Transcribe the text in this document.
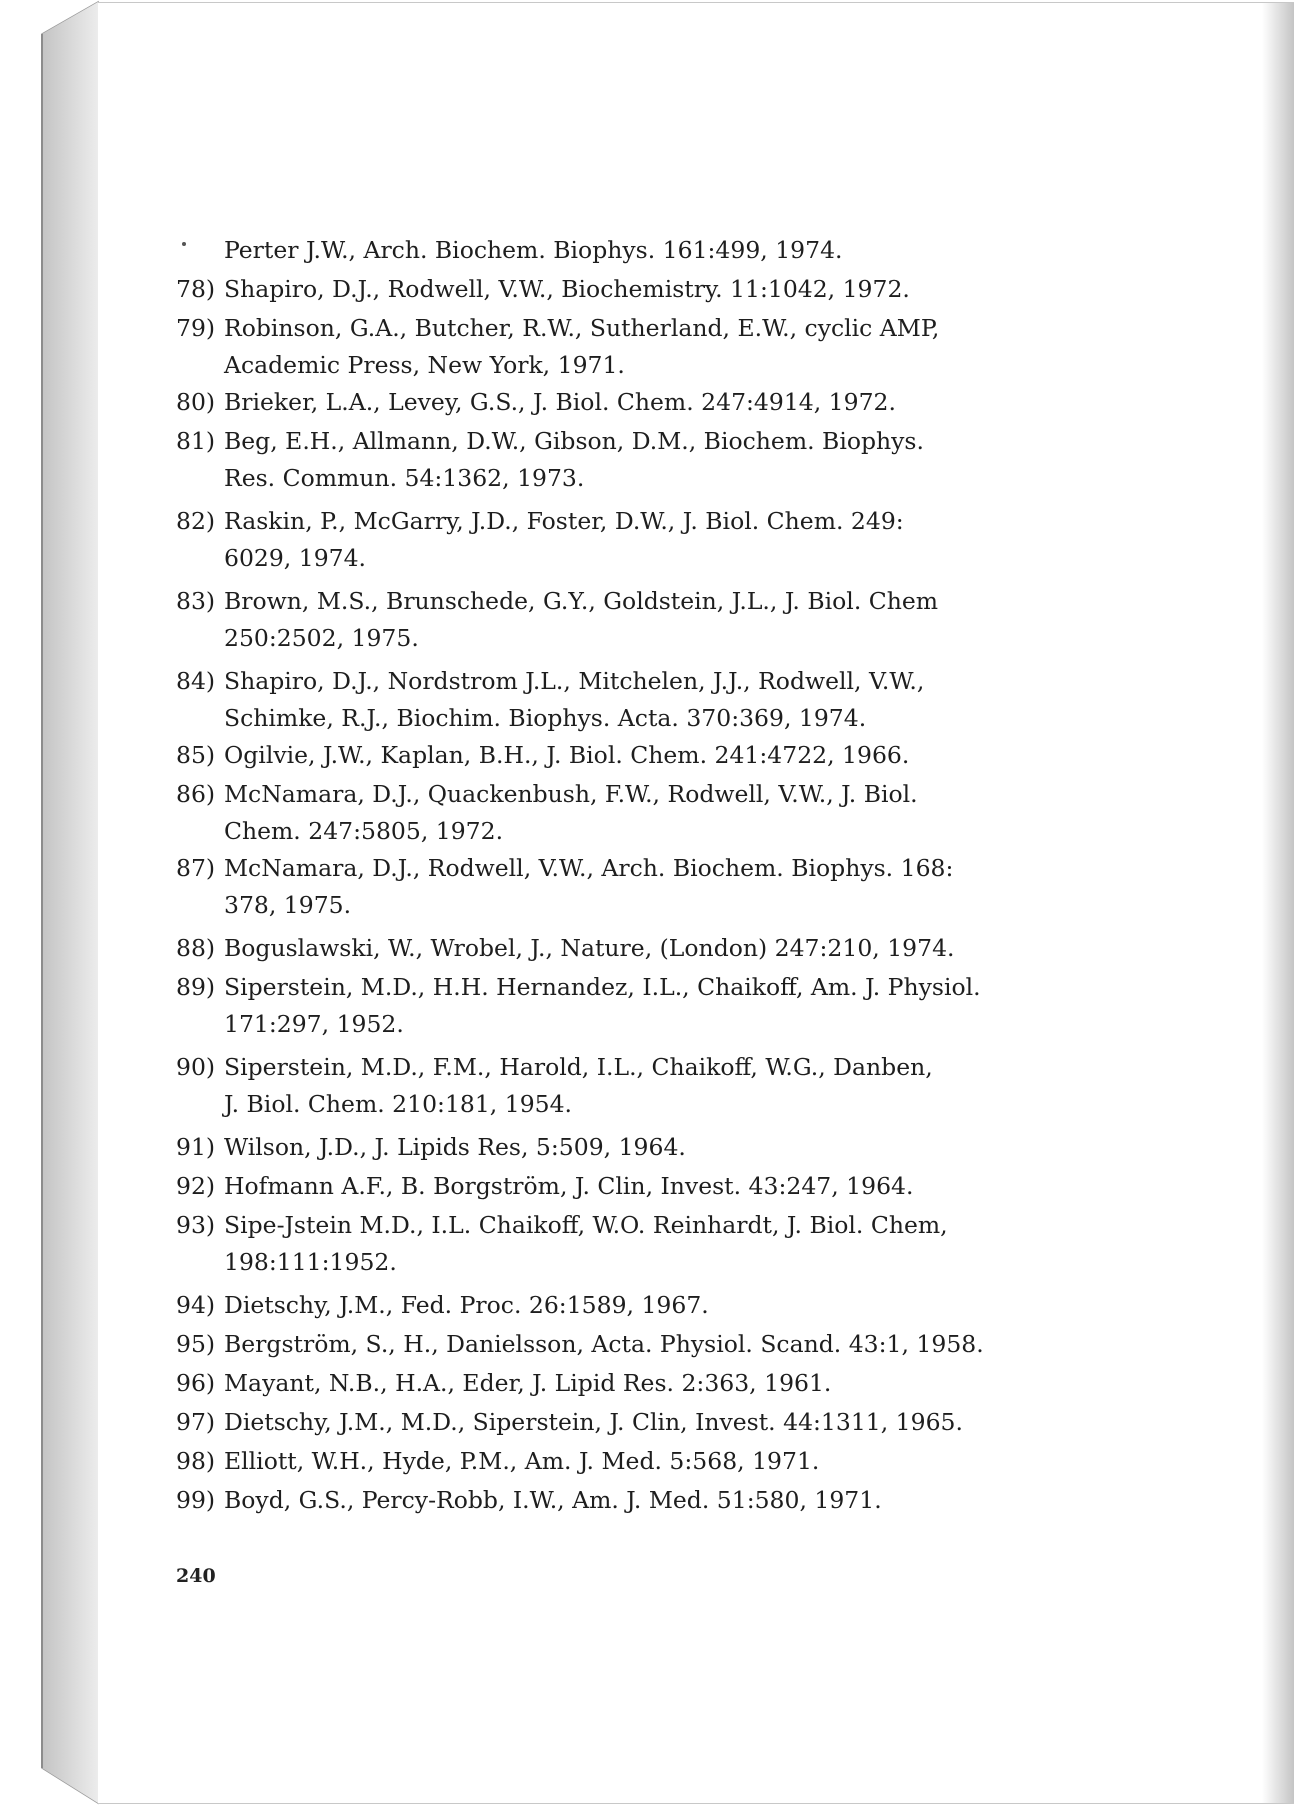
Perter J.W., Arch. Biochem. Biophys. 161:499, 1974.
78) Shapiro, D.J., Rodwell, V.W., Biochemistry. 11:1042, 1972.
79) Robinson, G.A., Butcher, R.W., Sutherland, E.W., cyclic AMP,
Academic Press, New York, 1971.
80) Brieker, L.A., Levey, G.S., J. Biol. Chem. 247:4914, 1972.
81) Beg, E.H., Allmann, D.W., Gibson, D.M., Biochem. Biophys.
Res. Commun. 54:1362, 1973.
82) Raskin, P., McGarry, J.D., Foster, D.W., J. Biol. Chem. 249:
6029, 1974.
83) Brown, M.S., Brunschede, G.Y., Goldstein, J.L., J. Biol. Chem
250:2502, 1975.
84) Shapiro, D.J., Nordstrom J.L., Mitchelen, J.J., Rodwell, V.W.,
Schimke, R.J., Biochim. Biophys. Acta. 370:369, 1974.
85) Ogilvie, J.W., Kaplan, B.H., J. Biol. Chem. 241:4722, 1966.
86) McNamara, D.J., Quackenbush, F.W., Rodwell, V.W., J. Biol.
Chem. 247:5805, 1972.
87) McNamara, D.J., Rodwell, V.W., Arch. Biochem. Biophys. 168:
378, 1975.
88) Boguslawski, W., Wrobel, J., Nature, (London) 247:210, 1974.
89) Siperstein, M.D., H.H. Hernandez, I.L., Chaikoff, Am. J. Physiol.
171:297, 1952.
90) Siperstein, M.D., F.M., Harold, I.L., Chaikoff, W.G., Danben,
J. Biol. Chem. 210:181, 1954.
91) Wilson, J.D., J. Lipids Res, 5:509, 1964.
92) Hofmann A.F., B. Borgström, J. Clin, Invest. 43:247, 1964.
93) Sipe-Jstein M.D., I.L. Chaikoff, W.O. Reinhardt, J. Biol. Chem,
198:111:1952.
94) Dietschy, J.M., Fed. Proc. 26:1589, 1967.
95) Bergström, S., H., Danielsson, Acta. Physiol. Scand. 43:1, 1958.
96) Mayant, N.B., H.A., Eder, J. Lipid Res. 2:363, 1961.
97) Dietschy, J.M., M.D., Siperstein, J. Clin, Invest. 44:1311, 1965.
98) Elliott, W.H., Hyde, P.M., Am. J. Med. 5:568, 1971.
99) Boyd, G.S., Percy-Robb, I.W., Am. J. Med. 51:580, 1971.
240
